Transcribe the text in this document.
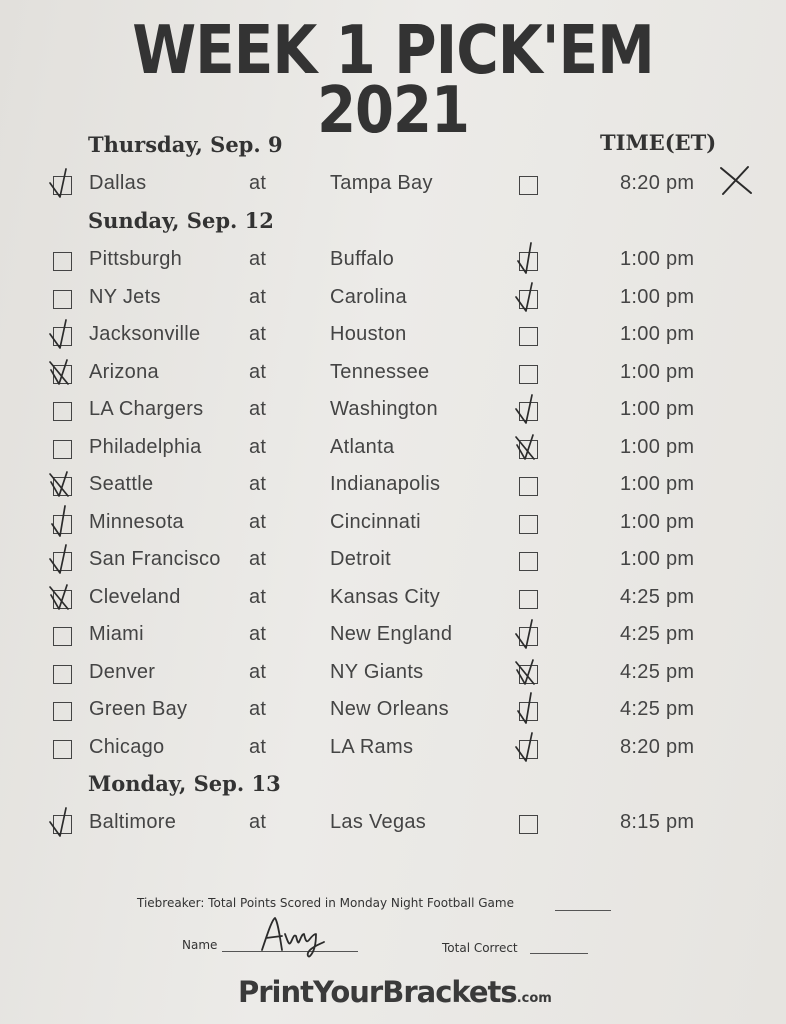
WEEK 1 PICK'EM
2021	TIME(ET)
Thursday, Sep. 9
Dallas	at	Tampa Bay	8:20 pm
Sunday, Sep. 12
Pittsburgh	at	Buffalo	1:00 pm
NY Jets	at	Carolina	1:00 pm
Jacksonville at	Houston	1:00 pm
Arizona	at	Tennessee	1:00 pm
LA Chargers at	Washington	1:00 pm
Philadelphia at	Atlanta	1:00 pm
Seattle	at	Indianapolis	1:00 pm
Minnesota	at	Cincinnati	1:00 pm
San Francisco at	Detroit	1:00 pm
Cleveland	at	Kansas City	4:25 pm
Miami	at	New England	4:25 pm
Denver	at	NY Giants	4:25 pm
Green Bay	at	New Orleans	4:25 pm
Chicago	at	LA Rams	8:20 pm
Monday, Sep. 13
Baltimore	at	Las Vegas	8:15 pm
Tiebreaker: Total Points Scored in Monday Night Football Game
Name	Total Correct
PrintYourBrackets.com
